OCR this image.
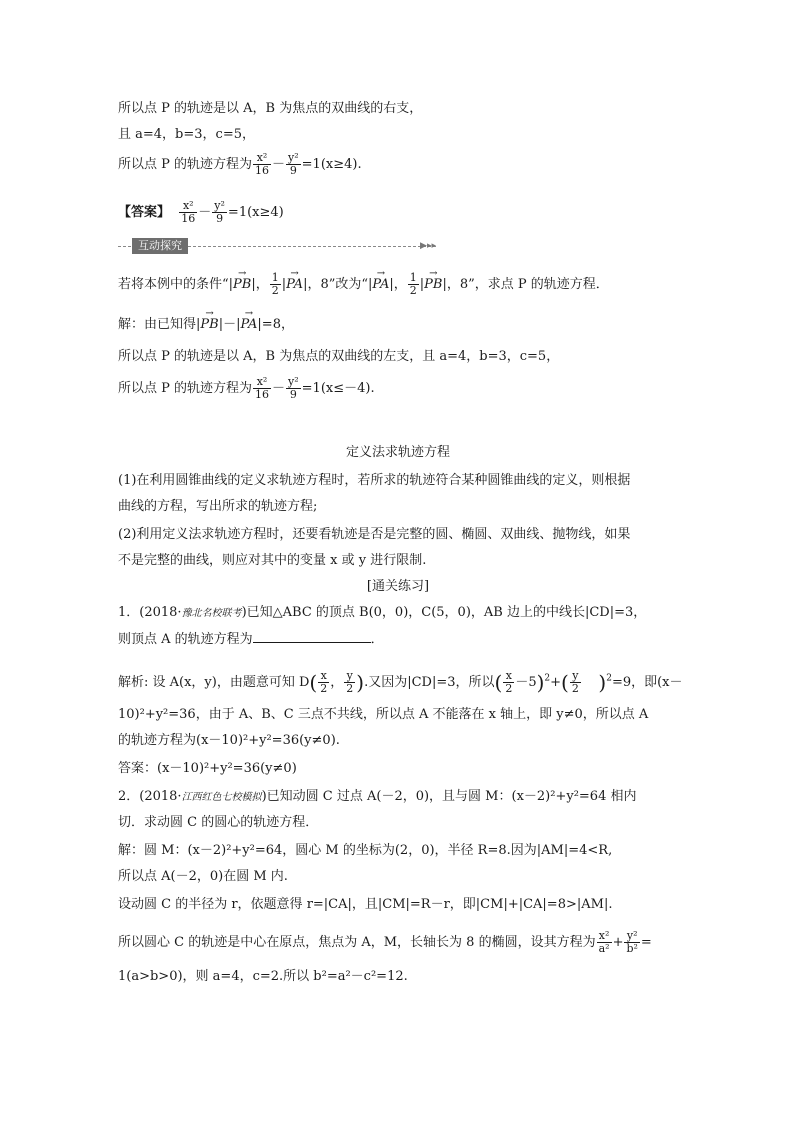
所以点 P 的轨迹是以 A，B 为焦点的双曲线的右支，
且 a=4，b=3，c=5，
所以点 P 的轨迹方程为 $\frac{\text{x²}}{16} - \frac{\text{y²}}{9} =1(x\ge 4)$.
【答案】 $\frac{\text{x²}}{16} - \frac{\text{y²}}{9} =1(x\ge 4)$
互动探究	▶▸▸
若将本例中的条件“|→ PB|， $\frac{1}{2}$ |→ PA|，8”改为“|→ PA|， $\frac{1}{2}$ |→ PB|，8”，求点 P 的轨迹方程．
解：由已知得|→ PB|－|→ PA|=8，
所以点 P 的轨迹是以 A，B 为焦点的双曲线的左支，且 a=4，b=3，c=5，
所以点 P 的轨迹方程为 $\frac{\text{x²}}{16} - \frac{\text{y²}}{9} =1(x\le-4)$.
定义法求轨迹方程
(1)在利用圆锥曲线的定义求轨迹方程时，若所求的轨迹符合某种圆锥曲线的定义，则根据
曲线的方程，写出所求的轨迹方程;
(2)利用定义法求轨迹方程时，还要看轨迹是否是完整的圆、椭圆、双曲线、抛物线，如果
不是完整的曲线，则应对其中的变量 x 或 y 进行限制.
[通关练习]
1．(2018·豫北名校联考)已知△ABC 的顶点 B(0，0)，C(5，0)，AB 边上的中线长|CD|=3，
则顶点 A 的轨迹方程为	．
解析: 设 A(x，y)，由题意可知 $D( \frac{x}{2}$ ， $\frac{y}{2}$ ).又因为|CD|=3，所以( $\frac{x}{2} -5)^2+( \frac{y}{2} )^2=9$，即(x－
10)²+y²=36，由于 A、B、C 三点不共线，所以点 A 不能落在 x 轴上，即 y≠0，所以点 A
的轨迹方程为(x－10)²+y²=36(y≠0).
答案：(x－10)²+y²=36(y≠0)
2．(2018·江西红色七校模拟)已知动圆 C 过点 A(－2，0)，且与圆 M：(x－2)²+y²=64 相内
切．求动圆 C 的圆心的轨迹方程．
解：圆 M：(x－2)²+y²=64，圆心 M 的坐标为(2，0)，半径 R=8.因为|AM|=4<R,
所以点 A(－2，0)在圆 M 内.
设动圆 C 的半径为 r，依题意得 r=|CA|，且|CM|=R－r，即|CM|+|CA|=8>|AM|.
所以圆心 C 的轨迹是中心在原点，焦点为 A，M，长轴长为 8 的椭圆，设其方程为 $\frac{\text{x²}}{\text{a²}} + \frac{\text{y²}}{\text{b²}}$ =
1(a>b>0)，则 a=4，c=2.所以 b²=a²－c²=12.
